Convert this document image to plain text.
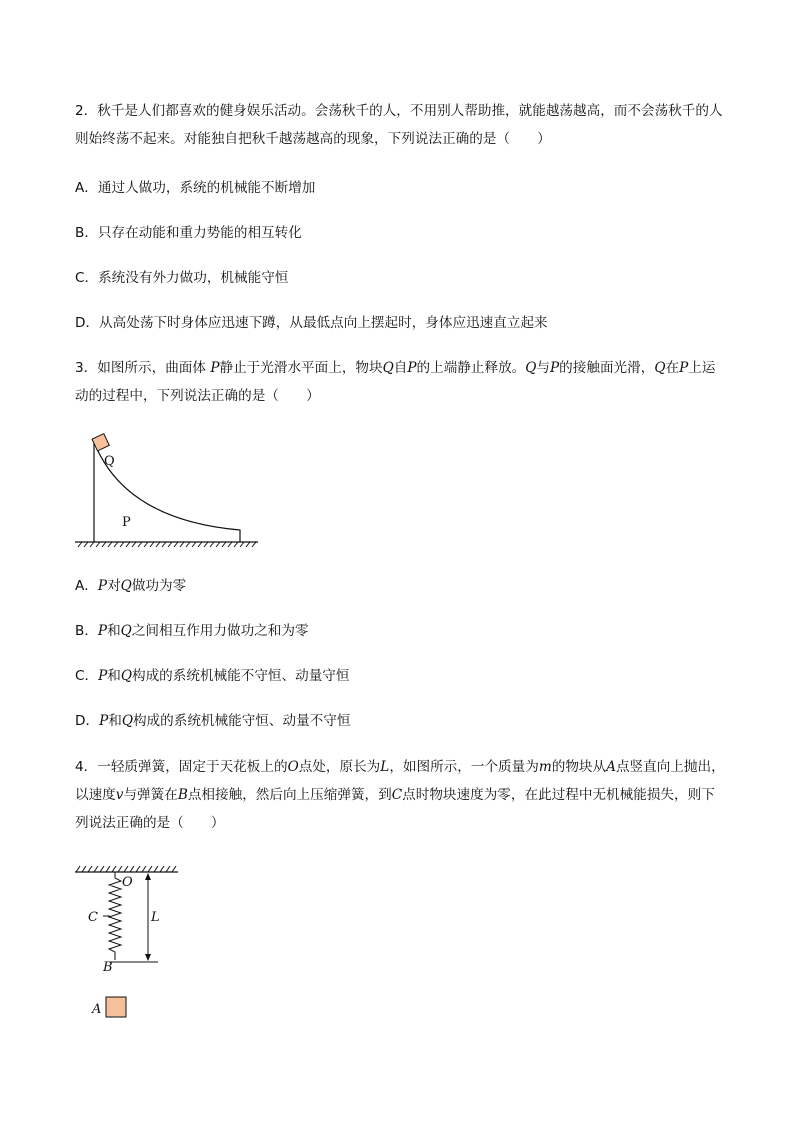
2．秋千是人们都喜欢的健身娱乐活动。会荡秋千的人，不用别人帮助推，就能越荡越高，而不会荡秋千的人则始终荡不起来。对能独自把秋千越荡越高的现象，下列说法正确的是（　　）

A．通过人做功，系统的机械能不断增加

B．只存在动能和重力势能的相互转化

C．系统没有外力做功，机械能守恒

D．从高处荡下时身体应迅速下蹲，从最低点向上摆起时，身体应迅速直立起来

3．如图所示，曲面体 P静止于光滑水平面上，物块Q自P的上端静止释放。Q与P的接触面光滑，Q在P上运动的过程中，下列说法正确的是（　　）

Q
P

A．P对Q做功为零

B．P和Q之间相互作用力做功之和为零

C．P和Q构成的系统机械能不守恒、动量守恒

D．P和Q构成的系统机械能守恒、动量不守恒

4．一轻质弹簧，固定于天花板上的O点处，原长为L，如图所示，一个质量为m的物块从A点竖直向上抛出，以速度v与弹簧在B点相接触，然后向上压缩弹簧，到C点时物块速度为零，在此过程中无机械能损失，则下列说法正确的是（　　）

O
C	L
B
A
